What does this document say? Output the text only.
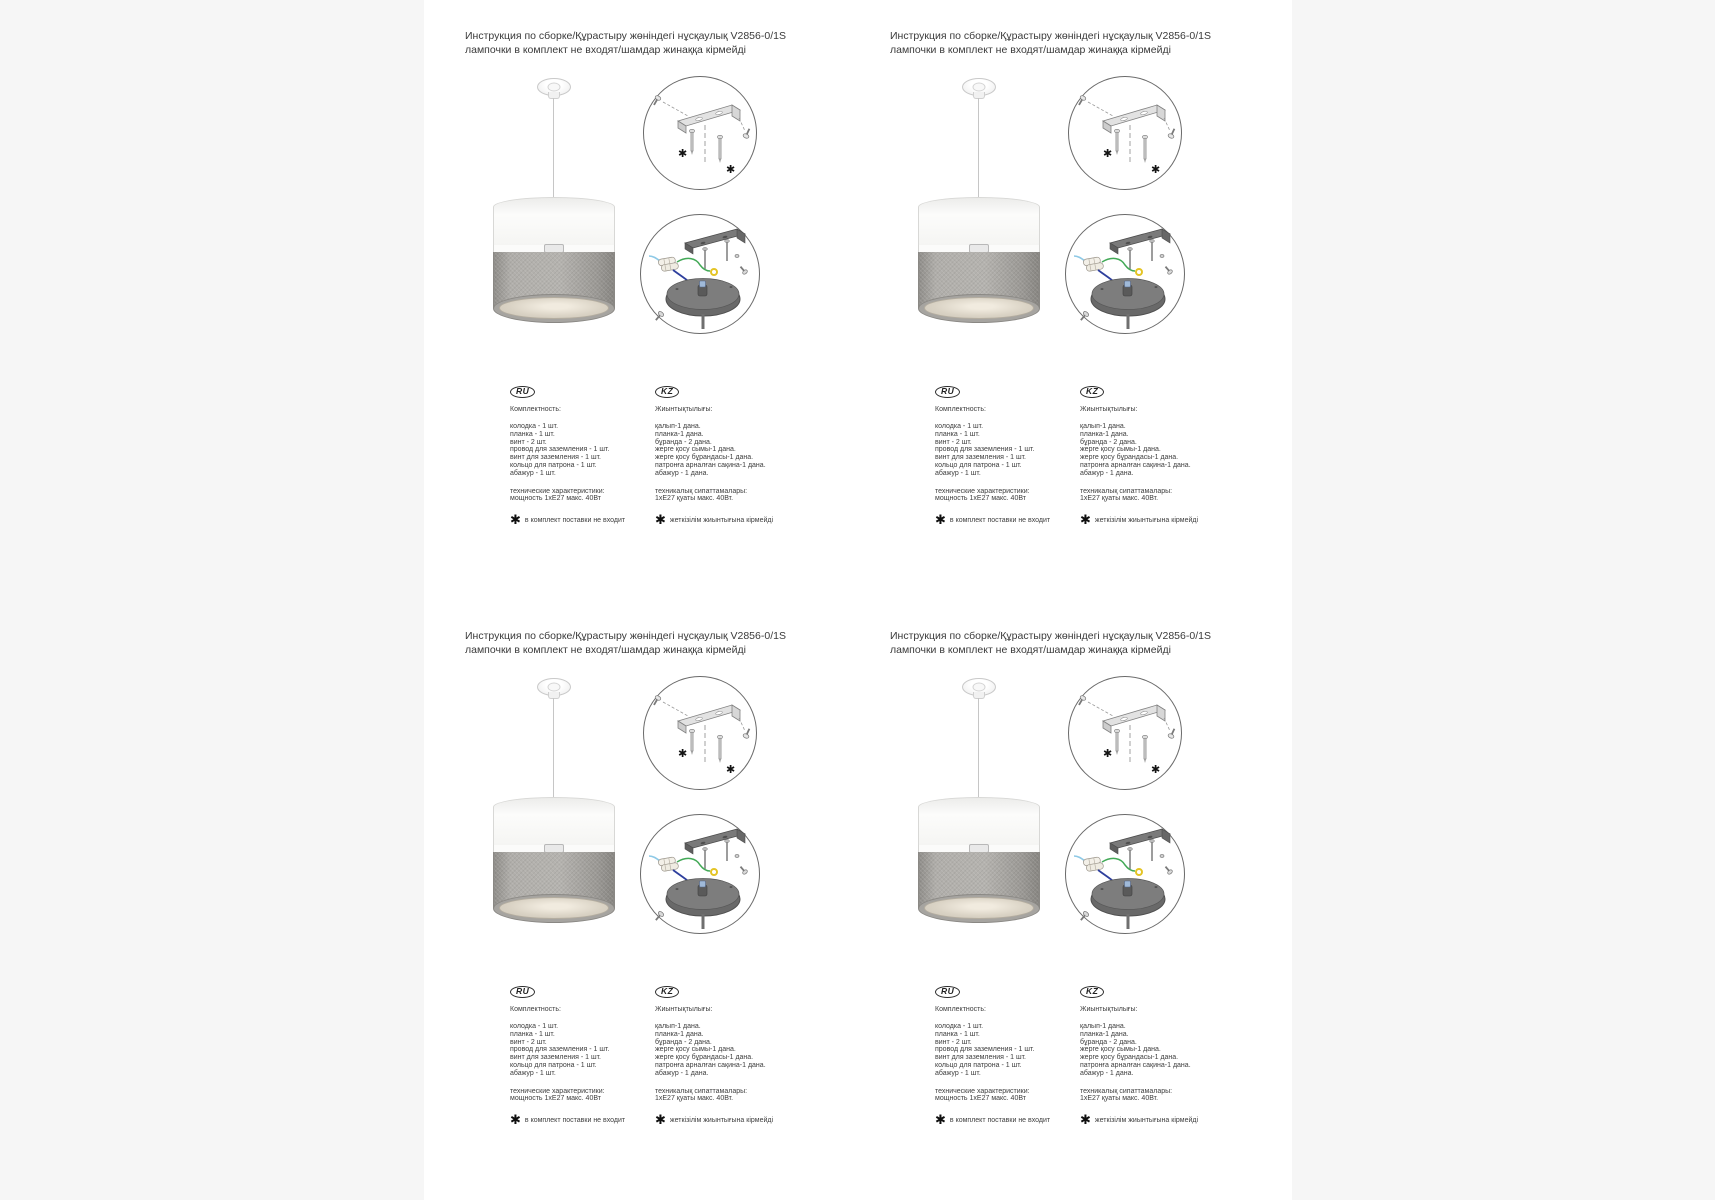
Инструкция по сборке/Құрастыру жөніндегі нұсқаулық V2856-0/1S
лампочки в комплект не входят/шамдар жинаққа кірмейді
✱
✱
RU
Комплектность:
колодка - 1 шт.
планка - 1 шт.
винт - 2 шт.
провод для заземления - 1 шт.
винт для заземления - 1 шт.
кольцо для патрона - 1 шт.
абажур - 1 шт.
технические характеристики:
мощность 1xE27 макс. 40Вт
✱ в комплект поставки не входит
KZ
Жиынтықтылығы:
қалып-1 дана.
планка-1 дана.
бұранда - 2 дана.
жерге қосу сымы-1 дана.
жерге қосу бұрандасы-1 дана.
патронға арналған сақина-1 дана.
абажур - 1 дана.
техникалық сипаттамалары:
1xE27 қуаты макс. 40Вт.
✱ жеткізілім жиынтығына кірмейді
Инструкция по сборке/Құрастыру жөніндегі нұсқаулық V2856-0/1S
лампочки в комплект не входят/шамдар жинаққа кірмейді
✱
✱
RU
Комплектность:
колодка - 1 шт.
планка - 1 шт.
винт - 2 шт.
провод для заземления - 1 шт.
винт для заземления - 1 шт.
кольцо для патрона - 1 шт.
абажур - 1 шт.
технические характеристики:
мощность 1xE27 макс. 40Вт
✱ в комплект поставки не входит
KZ
Жиынтықтылығы:
қалып-1 дана.
планка-1 дана.
бұранда - 2 дана.
жерге қосу сымы-1 дана.
жерге қосу бұрандасы-1 дана.
патронға арналған сақина-1 дана.
абажур - 1 дана.
техникалық сипаттамалары:
1xE27 қуаты макс. 40Вт.
✱ жеткізілім жиынтығына кірмейді
Инструкция по сборке/Құрастыру жөніндегі нұсқаулық V2856-0/1S
лампочки в комплект не входят/шамдар жинаққа кірмейді
✱
✱
RU
Комплектность:
колодка - 1 шт.
планка - 1 шт.
винт - 2 шт.
провод для заземления - 1 шт.
винт для заземления - 1 шт.
кольцо для патрона - 1 шт.
абажур - 1 шт.
технические характеристики:
мощность 1xE27 макс. 40Вт
✱ в комплект поставки не входит
KZ
Жиынтықтылығы:
қалып-1 дана.
планка-1 дана.
бұранда - 2 дана.
жерге қосу сымы-1 дана.
жерге қосу бұрандасы-1 дана.
патронға арналған сақина-1 дана.
абажур - 1 дана.
техникалық сипаттамалары:
1xE27 қуаты макс. 40Вт.
✱ жеткізілім жиынтығына кірмейді
Инструкция по сборке/Құрастыру жөніндегі нұсқаулық V2856-0/1S
лампочки в комплект не входят/шамдар жинаққа кірмейді
✱
✱
RU
Комплектность:
колодка - 1 шт.
планка - 1 шт.
винт - 2 шт.
провод для заземления - 1 шт.
винт для заземления - 1 шт.
кольцо для патрона - 1 шт.
абажур - 1 шт.
технические характеристики:
мощность 1xE27 макс. 40Вт
✱ в комплект поставки не входит
KZ
Жиынтықтылығы:
қалып-1 дана.
планка-1 дана.
бұранда - 2 дана.
жерге қосу сымы-1 дана.
жерге қосу бұрандасы-1 дана.
патронға арналған сақина-1 дана.
абажур - 1 дана.
техникалық сипаттамалары:
1xE27 қуаты макс. 40Вт.
✱ жеткізілім жиынтығына кірмейді
